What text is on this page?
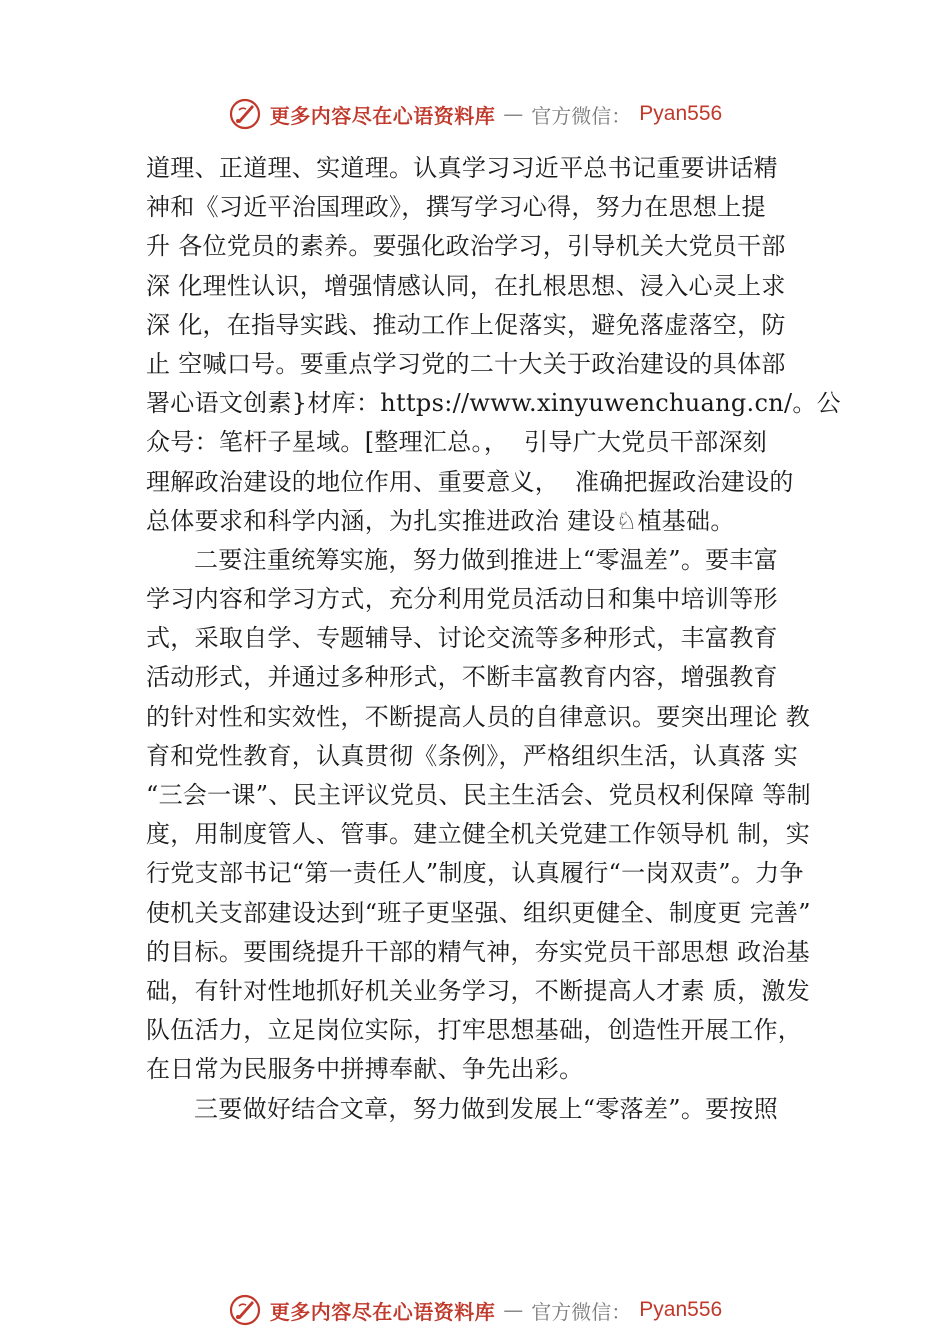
更多内容尽在心语资料库 — 官方微信： Pyan556
道理、正道理、实道理。认真学习习近平总书记重要讲话精
神和《习近平治国理政》，撰写学习心得，努力在思想上提
升 各位党员的素养。要强化政治学习，引导机关大党员干部
深 化理性认识，增强情感认同，在扎根思想、浸入心灵上求
深 化，在指导实践、推动工作上促落实，避免落虚落空，防
止 空喊口号。要重点学习党的二十大关于政治建设的具体部
署心语文创素}材库：https://www.xinyuwenchuang.cn/。公
众号：笔杆子星域。[整理汇总。，  引导广大党员干部深刻
理解政治建设的地位作用、重要意义，  准确把握政治建设的
总体要求和科学内涵，为扎实推进政治 建设♘植基础。
二要注重统筹实施，努力做到推进上“零温差”。要丰富
学习内容和学习方式，充分利用党员活动日和集中培训等形
式，采取自学、专题辅导、讨论交流等多种形式，丰富教育
活动形式，并通过多种形式，不断丰富教育内容，增强教育
的针对性和实效性，不断提高人员的自律意识。要突出理论 教
育和党性教育，认真贯彻《条例》，严格组织生活，认真落 实
“三会一课”、民主评议党员、民主生活会、党员权利保障 等制
度，用制度管人、管事。建立健全机关党建工作领导机 制，实
行党支部书记“第一责任人”制度，认真履行“一岗双责”。力争
使机关支部建设达到“班子更坚强、组织更健全、制度更 完善”
的目标。要围绕提升干部的精气神，夯实党员干部思想 政治基
础，有针对性地抓好机关业务学习，不断提高人才素 质，激发
队伍活力，立足岗位实际，打牢思想基础，创造性开展工作，
在日常为民服务中拼搏奉献、争先出彩。
三要做好结合文章，努力做到发展上“零落差”。要按照
更多内容尽在心语资料库 — 官方微信： Pyan556
